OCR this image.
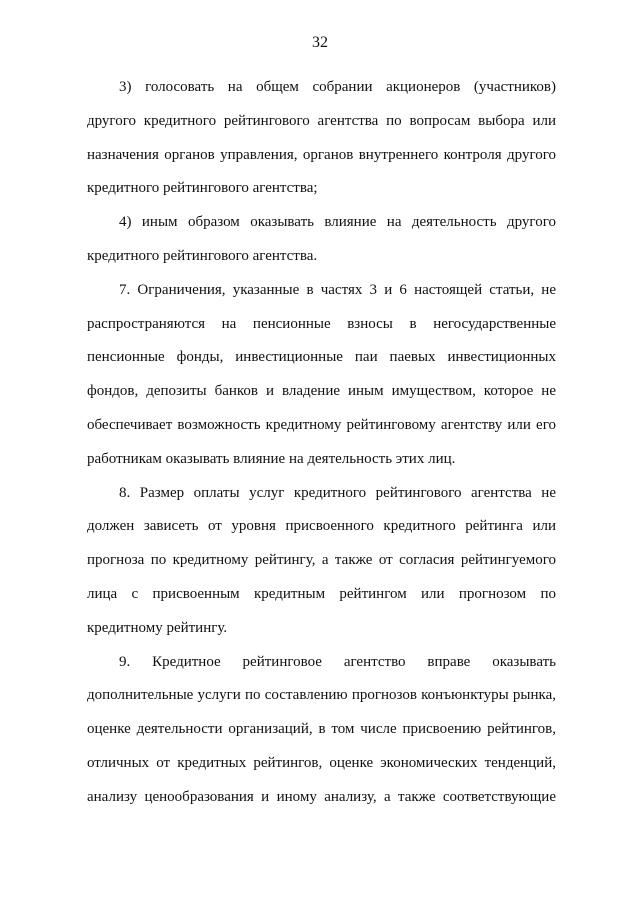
32
3) голосовать на общем собрании акционеров (участников)
другого кредитного рейтингового агентства по вопросам выбора или
назначения органов управления, органов внутреннего контроля другого
кредитного рейтингового агентства;
4) иным образом оказывать влияние на деятельность другого
кредитного рейтингового агентства.
7. Ограничения, указанные в частях 3 и 6 настоящей статьи, не
распространяются на пенсионные взносы в негосударственные
пенсионные фонды, инвестиционные паи паевых инвестиционных
фондов, депозиты банков и владение иным имуществом, которое не
обеспечивает возможность кредитному рейтинговому агентству или его
работникам оказывать влияние на деятельность этих лиц.
8. Размер оплаты услуг кредитного рейтингового агентства не
должен зависеть от уровня присвоенного кредитного рейтинга или
прогноза по кредитному рейтингу, а также от согласия рейтингуемого
лица с присвоенным кредитным рейтингом или прогнозом по
кредитному рейтингу.
9. Кредитное рейтинговое агентство вправе оказывать
дополнительные услуги по составлению прогнозов конъюнктуры рынка,
оценке деятельности организаций, в том числе присвоению рейтингов,
отличных от кредитных рейтингов, оценке экономических тенденций,
анализу ценообразования и иному анализу, а также соответствующие
